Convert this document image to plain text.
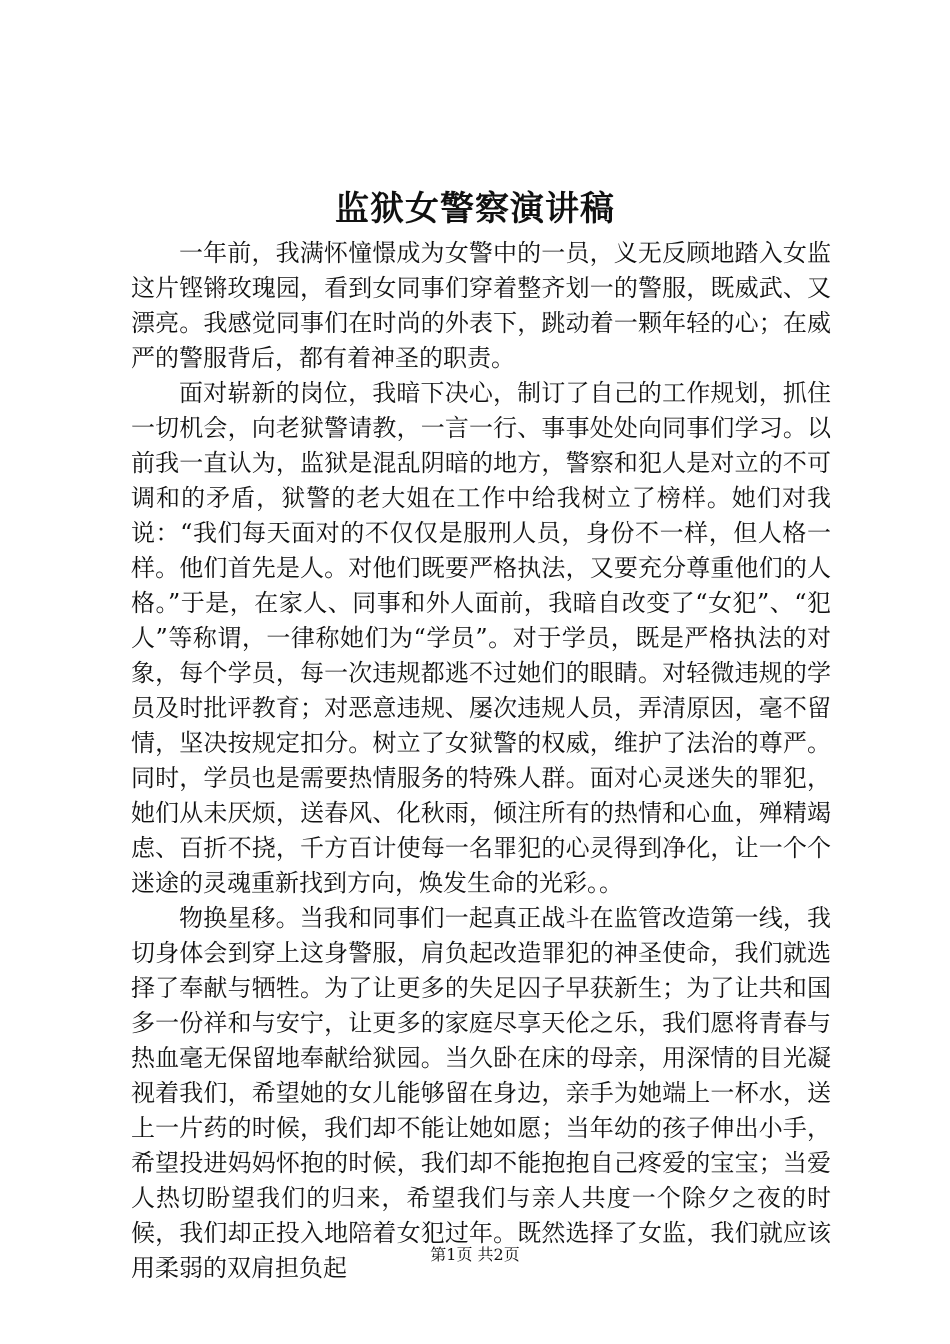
监狱女警察演讲稿

一年前，我满怀憧憬成为女警中的一员，义无反顾地踏入女监这片铿锵玫瑰园，看到女同事们穿着整齐划一的警服，既威武、又漂亮。我感觉同事们在时尚的外表下，跳动着一颗年轻的心；在威严的警服背后，都有着神圣的职责。

面对崭新的岗位，我暗下决心，制订了自己的工作规划，抓住一切机会，向老狱警请教，一言一行、事事处处向同事们学习。以前我一直认为，监狱是混乱阴暗的地方，警察和犯人是对立的不可调和的矛盾，狱警的老大姐在工作中给我树立了榜样。她们对我说：“我们每天面对的不仅仅是服刑人员，身份不一样，但人格一样。他们首先是人。对他们既要严格执法，又要充分尊重他们的人格。”于是，在家人、同事和外人面前，我暗自改变了“女犯”、“犯人”等称谓，一律称她们为“学员”。对于学员，既是严格执法的对象，每个学员，每一次违规都逃不过她们的眼睛。对轻微违规的学员及时批评教育；对恶意违规、屡次违规人员，弄清原因，毫不留情，坚决按规定扣分。树立了女狱警的权威，维护了法治的尊严。同时，学员也是需要热情服务的特殊人群。面对心灵迷失的罪犯，她们从未厌烦，送春风、化秋雨，倾注所有的热情和心血，殚精竭虑、百折不挠，千方百计使每一名罪犯的心灵得到净化，让一个个迷途的灵魂重新找到方向，焕发生命的光彩。。

物换星移。当我和同事们一起真正战斗在监管改造第一线，我切身体会到穿上这身警服，肩负起改造罪犯的神圣使命，我们就选择了奉献与牺牲。为了让更多的失足囚子早获新生；为了让共和国多一份祥和与安宁，让更多的家庭尽享天伦之乐，我们愿将青春与热血毫无保留地奉献给狱园。当久卧在床的母亲，用深情的目光凝视着我们，希望她的女儿能够留在身边，亲手为她端上一杯水，送上一片药的时候，我们却不能让她如愿；当年幼的孩子伸出小手，希望投进妈妈怀抱的时候，我们却不能抱抱自己疼爱的宝宝；当爱人热切盼望我们的归来，希望我们与亲人共度一个除夕之夜的时候，我们却正投入地陪着女犯过年。既然选择了女监，我们就应该用柔弱的双肩担负起	第1页 共2页
